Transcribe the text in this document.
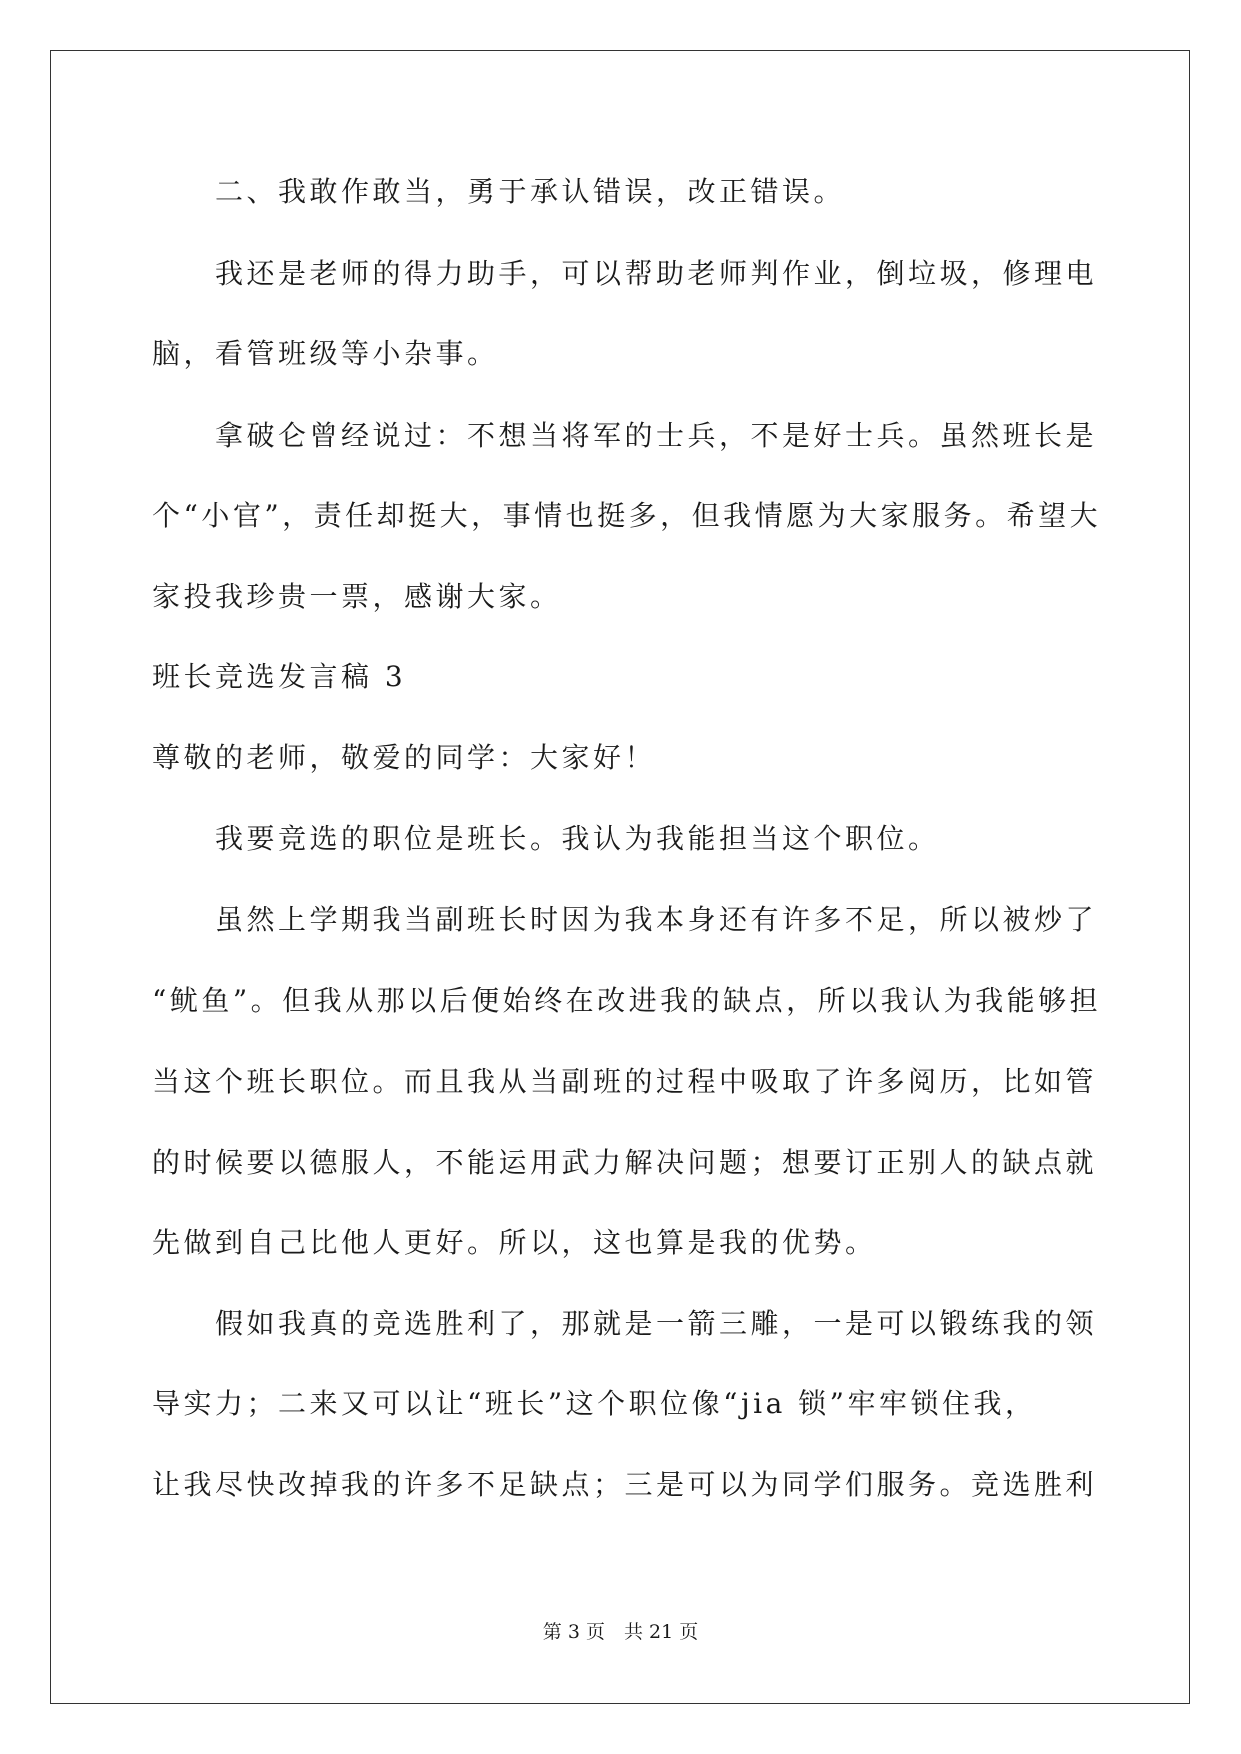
二、我敢作敢当，勇于承认错误，改正错误。
我还是老师的得力助手，可以帮助老师判作业，倒垃圾，修理电
脑，看管班级等小杂事。
拿破仑曾经说过：不想当将军的士兵，不是好士兵。虽然班长是
个“小官”，责任却挺大，事情也挺多，但我情愿为大家服务。希望大
家投我珍贵一票，感谢大家。
班长竞选发言稿 3
尊敬的老师，敬爱的同学：大家好！
我要竞选的职位是班长。我认为我能担当这个职位。
虽然上学期我当副班长时因为我本身还有许多不足，所以被炒了
“鱿鱼”。但我从那以后便始终在改进我的缺点，所以我认为我能够担
当这个班长职位。而且我从当副班的过程中吸取了许多阅历，比如管
的时候要以德服人，不能运用武力解决问题；想要订正别人的缺点就
先做到自己比他人更好。所以，这也算是我的优势。
假如我真的竞选胜利了，那就是一箭三雕，一是可以锻练我的领
导实力；二来又可以让“班长”这个职位像“jia 锁”牢牢锁住我，
让我尽快改掉我的许多不足缺点；三是可以为同学们服务。竞选胜利
第 3 页　共 21 页
